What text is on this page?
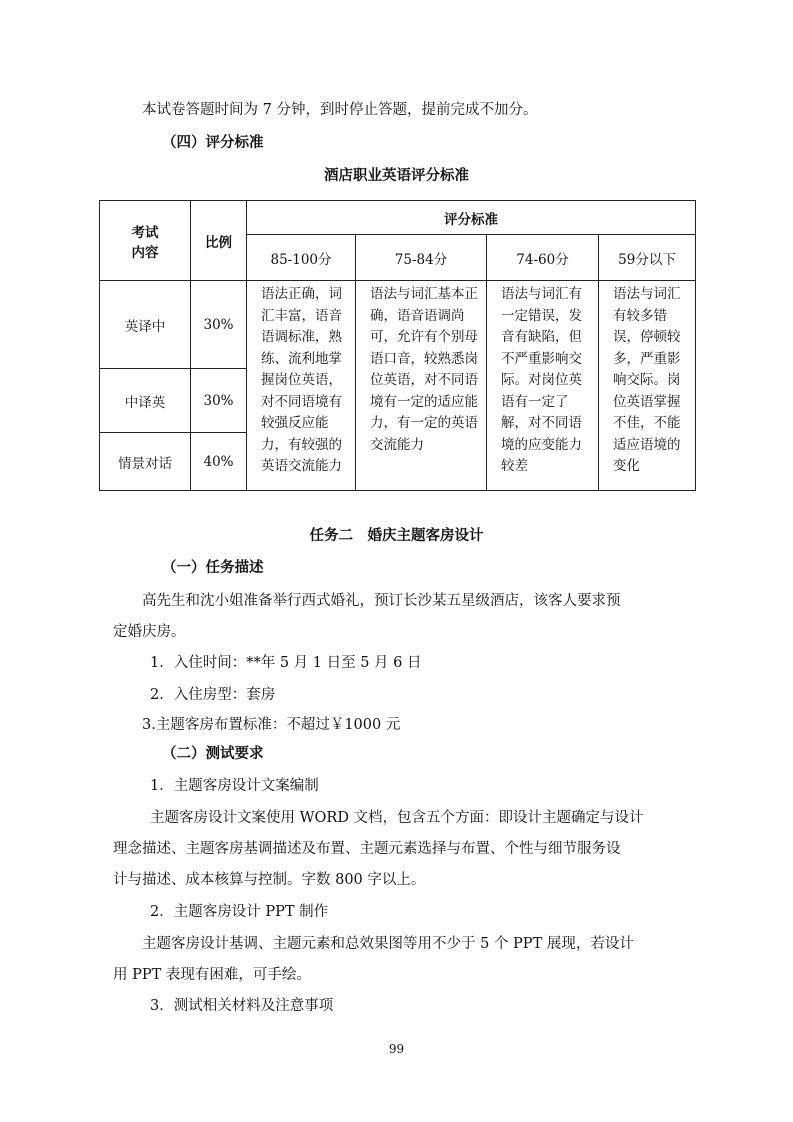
本试卷答题时间为 7 分钟，到时停止答题，提前完成不加分。
（四）评分标准
酒店职业英语评分标准
考试
内容	比例	评分标准			
		85-100分	75-84分	74-60分	59分以下
英译中	30%	语法正确，词汇丰富，语音语调标准，熟练、流利地掌握岗位英语，对不同语境有较强反应能力，有较强的英语交流能力	语法与词汇基本正确，语音语调尚可，允许有个别母语口音，较熟悉岗位英语，对不同语境有一定的适应能力，有一定的英语交流能力	语法与词汇有一定错误，发音有缺陷，但不严重影响交际。对岗位英语有一定了解，对不同语境的应变能力较差	语法与词汇有较多错误，停顿较多，严重影响交际。岗位英语掌握不佳，不能适应语境的变化
中译英	30%				
情景对话	40%				
任务二　婚庆主题客房设计
（一）任务描述
高先生和沈小姐准备举行西式婚礼，预订长沙某五星级酒店，该客人要求预
定婚庆房。
1．入住时间：**年 5 月 1 日至 5 月 6 日
2．入住房型：套房
3.主题客房布置标准：不超过￥1000 元
（二）测试要求
1．主题客房设计文案编制
主题客房设计文案使用 WORD 文档，包含五个方面：即设计主题确定与设计
理念描述、主题客房基调描述及布置、主题元素选择与布置、个性与细节服务设
计与描述、成本核算与控制。字数 800 字以上。
2．主题客房设计 PPT 制作
主题客房设计基调、主题元素和总效果图等用不少于 5 个 PPT 展现，若设计
用 PPT 表现有困难，可手绘。
3．测试相关材料及注意事项
99
